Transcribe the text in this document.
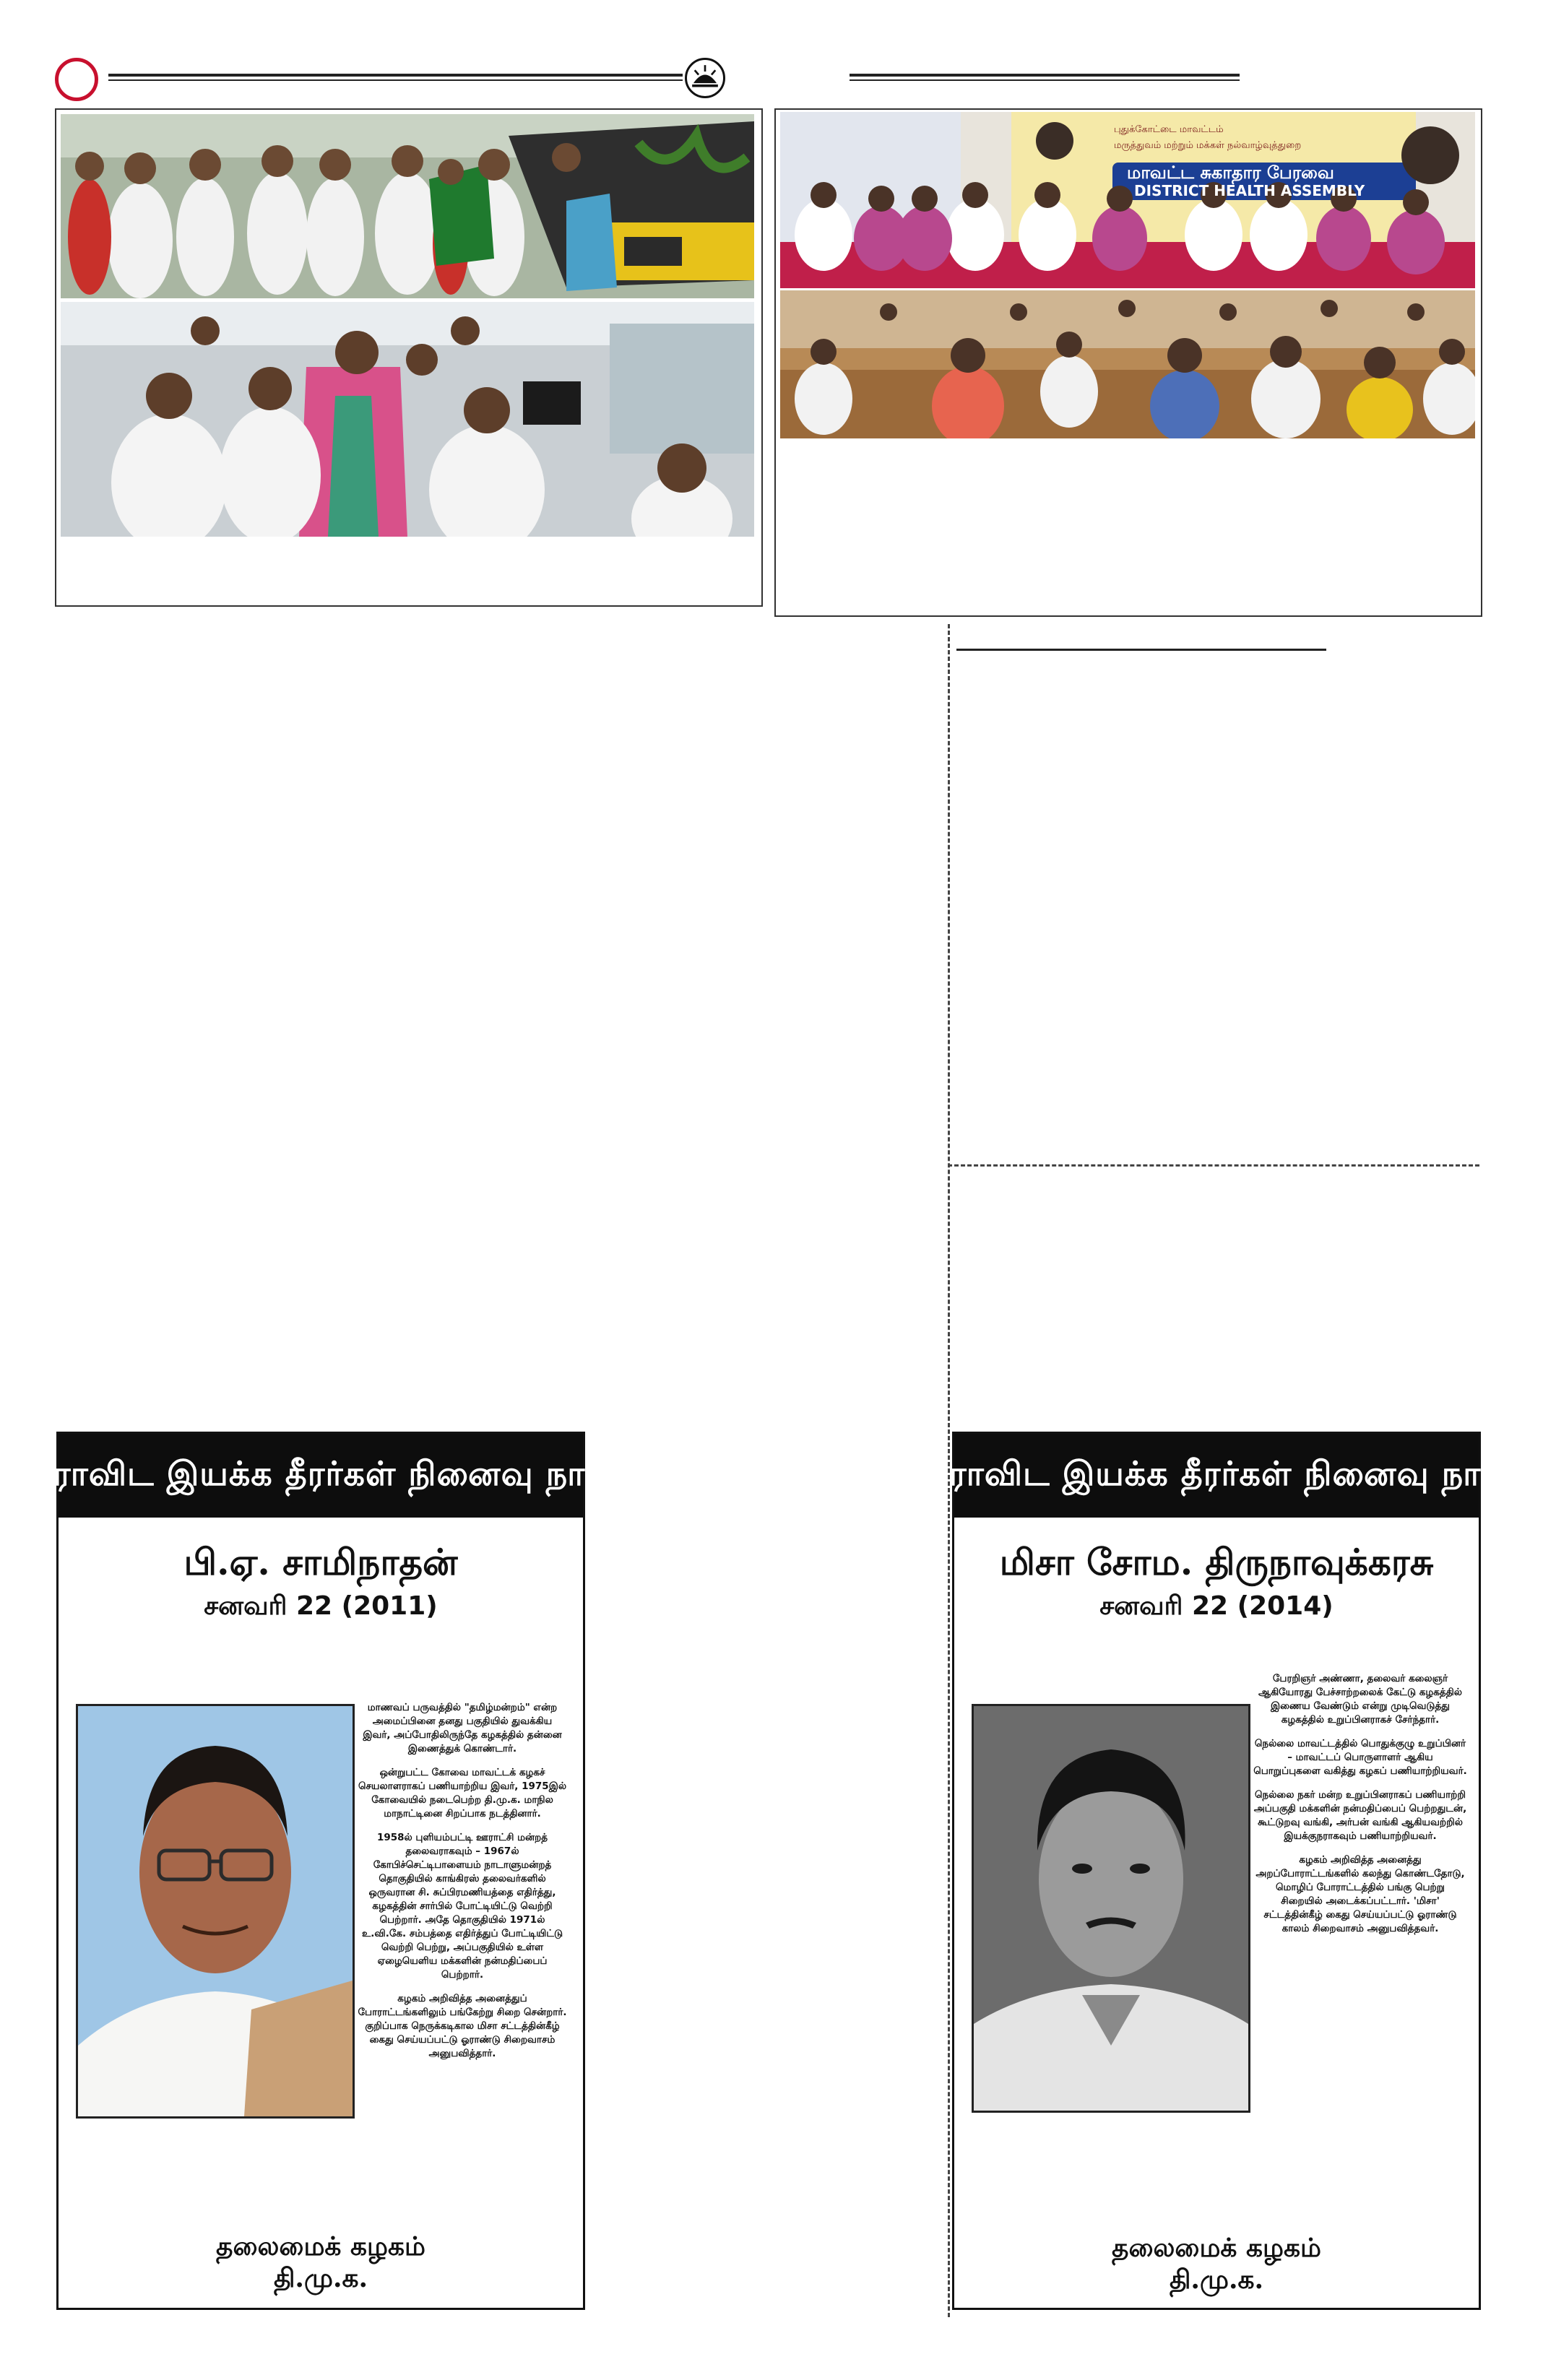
புதுக்கோட்டை மாவட்டம்
மருத்துவம் மற்றும் மக்கள் நல்வாழ்வுத்துறை
மாவட்ட சுகாதார பேரவை
DISTRICT HEALTH ASSEMBLY
திராவிட இயக்க தீரர்கள் நினைவு நாள்
பி.ஏ. சாமிநாதன்
சனவரி 22 (2011)

மாணவப் பருவத்தில் "தமிழ்மன்றம்" என்ற அமைப்பினை தனது பகுதியில் துவக்கிய இவர், அப்போதிலிருந்தே கழகத்தில் தன்னை இணைத்துக் கொண்டார்.

ஒன்றுபட்ட கோவை மாவட்டக் கழகச் செயலாளராகப் பணியாற்றிய இவர், 1975இல் கோவையில் நடைபெற்ற தி.மு.க. மாநில மாநாட்டினை சிறப்பாக நடத்தினார்.

1958ல் புளியம்பட்டி ஊராட்சி மன்றத் தலைவராகவும் – 1967ல் கோபிச்செட்டிபாளையம் நாடாளுமன்றத் தொகுதியில் காங்கிரஸ் தலைவர்களில் ஒருவரான சி. சுப்பிரமணியத்தை எதிர்த்து, கழகத்தின் சார்பில் போட்டியிட்டு வெற்றி பெற்றார். அதே தொகுதியில் 1971ல் உ.வி.கே. சம்பத்தை எதிர்த்துப் போட்டியிட்டு வெற்றி பெற்று, அப்பகுதியில் உள்ள ஏழையெளிய மக்களின் நன்மதிப்பைப் பெற்றார்.

கழகம் அறிவித்த அனைத்துப் போராட்டங்களிலும் பங்கேற்று சிறை சென்றார். குறிப்பாக நெருக்கடிகால மிசா சட்டத்தின்கீழ் கைது செய்யப்பட்டு ஓராண்டு சிறைவாசம் அனுபவித்தார்.

தலைமைக் கழகம்
தி.மு.க.
திராவிட இயக்க தீரர்கள் நினைவு நாள்
மிசா சோம. திருநாவுக்கரசு
சனவரி 22 (2014)

பேரறிஞர் அண்ணா, தலைவர் கலைஞர் ஆகியோரது பேச்சாற்றலைக் கேட்டு கழகத்தில் இணைய வேண்டும் என்று முடிவெடுத்து கழகத்தில் உறுப்பினராகச் சேர்ந்தார்.

நெல்லை மாவட்டத்தில் பொதுக்குழு உறுப்பினர் – மாவட்டப் பொருளாளர் ஆகிய பொறுப்புகளை வகித்து கழகப் பணியாற்றியவர்.

நெல்லை நகர் மன்ற உறுப்பினராகப் பணியாற்றி அப்பகுதி மக்களின் நன்மதிப்பைப் பெற்றதுடன், கூட்டுறவு வங்கி, அர்பன் வங்கி ஆகியவற்றில் இயக்குநராகவும் பணியாற்றியவர்.

கழகம் அறிவித்த அனைத்து அறப்போராட்டங்களில் கலந்து கொண்டதோடு, மொழிப் போராட்டத்தில் பங்கு பெற்று சிறையில் அடைக்கப்பட்டார். 'மிசா' சட்டத்தின்கீழ் கைது செய்யப்பட்டு ஓராண்டு காலம் சிறைவாசம் அனுபவித்தவர்.

தலைமைக் கழகம்
தி.மு.க.
